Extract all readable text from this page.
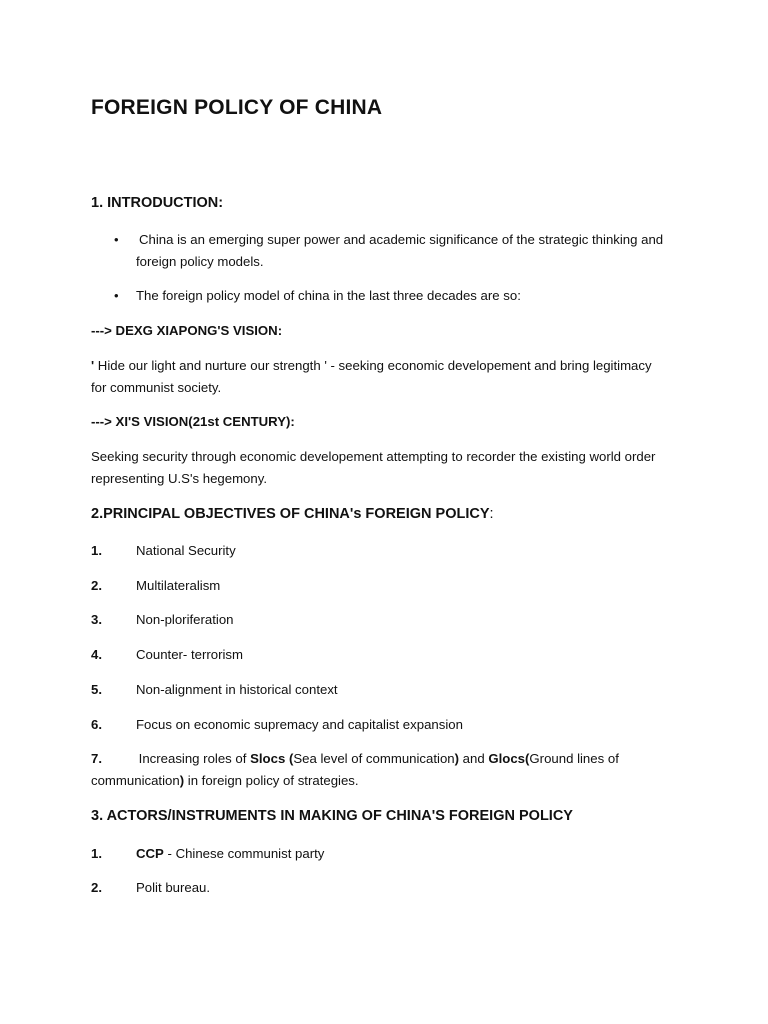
FOREIGN POLICY OF CHINA
1. INTRODUCTION:
• China is an emerging super power and academic significance of the strategic thinking and foreign policy models.
• The foreign policy model of china in the last three decades are so:
---> DEXG XIAPONG'S VISION:
' Hide our light and nurture our strength ' - seeking economic developement and bring legitimacy for communist society.
---> XI'S VISION(21st CENTURY):
Seeking security through economic developement attempting to recorder the existing world order representing U.S's hegemony.
2.PRINCIPAL OBJECTIVES OF CHINA's FOREIGN POLICY:
1.	National Security
2.	Multilateralism
3.	Non-ploriferation
4.	Counter- terrorism
5.	Non-alignment in historical context
6.	Focus on economic supremacy and capitalist expansion
7.	Increasing roles of Slocs (Sea level of communication) and Glocs(Ground lines of communication) in foreign policy of strategies.
3. ACTORS/INSTRUMENTS IN MAKING OF CHINA'S FOREIGN POLICY
1.	CCP - Chinese communist party
2.	Polit bureau.
